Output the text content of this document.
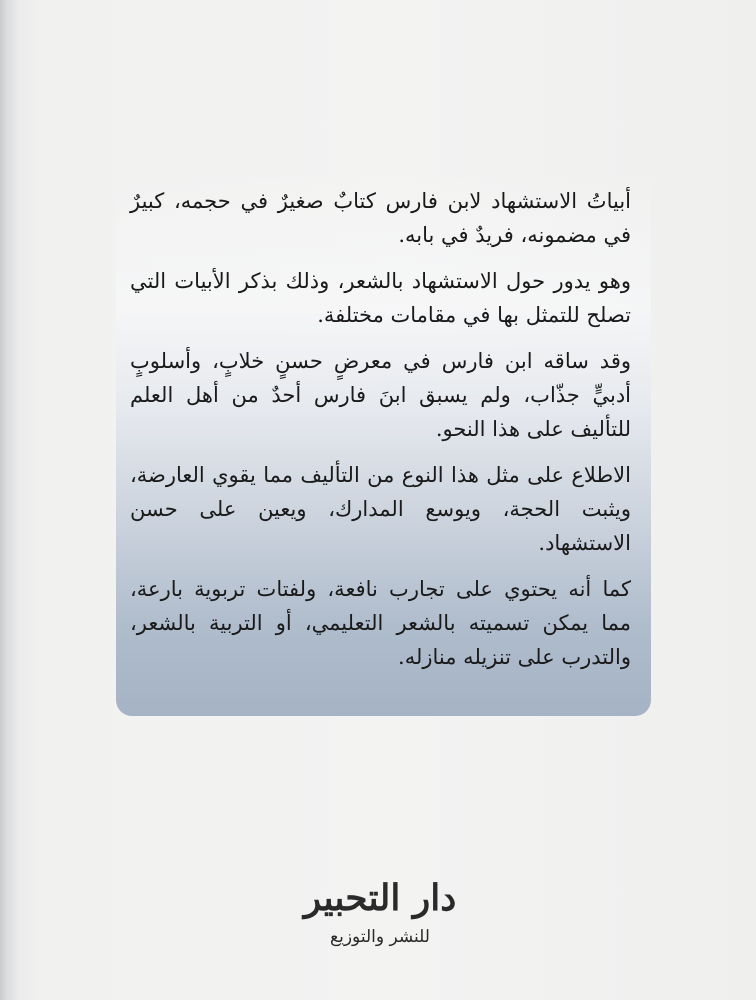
أبياتُ الاستشهاد لابن فارس كتابٌ صغيرٌ في حجمه، كبيرٌ في مضمونه، فريدٌ في بابه.

وهو يدور حول الاستشهاد بالشعر، وذلك بذكر الأبيات التي تصلح للتمثل بها في مقامات مختلفة.

وقد ساقه ابن فارس في معرضٍ حسنٍ خلابٍ، وأسلوبٍ أدبيٍّ جذّاب، ولم يسبق ابنَ فارس أحدٌ من أهل العلم للتأليف على هذا النحو.

الاطلاع على مثل هذا النوع من التأليف مما يقوي العارضة، ويثبت الحجة، ويوسع المدارك، ويعين على حسن الاستشهاد.

كما أنه يحتوي على تجارب نافعة، ولفتات تربوية بارعة، مما يمكن تسميته بالشعر التعليمي، أو التربية بالشعر، والتدرب على تنزيله منازله.

دار التحبير
للنشر والتوزيع
